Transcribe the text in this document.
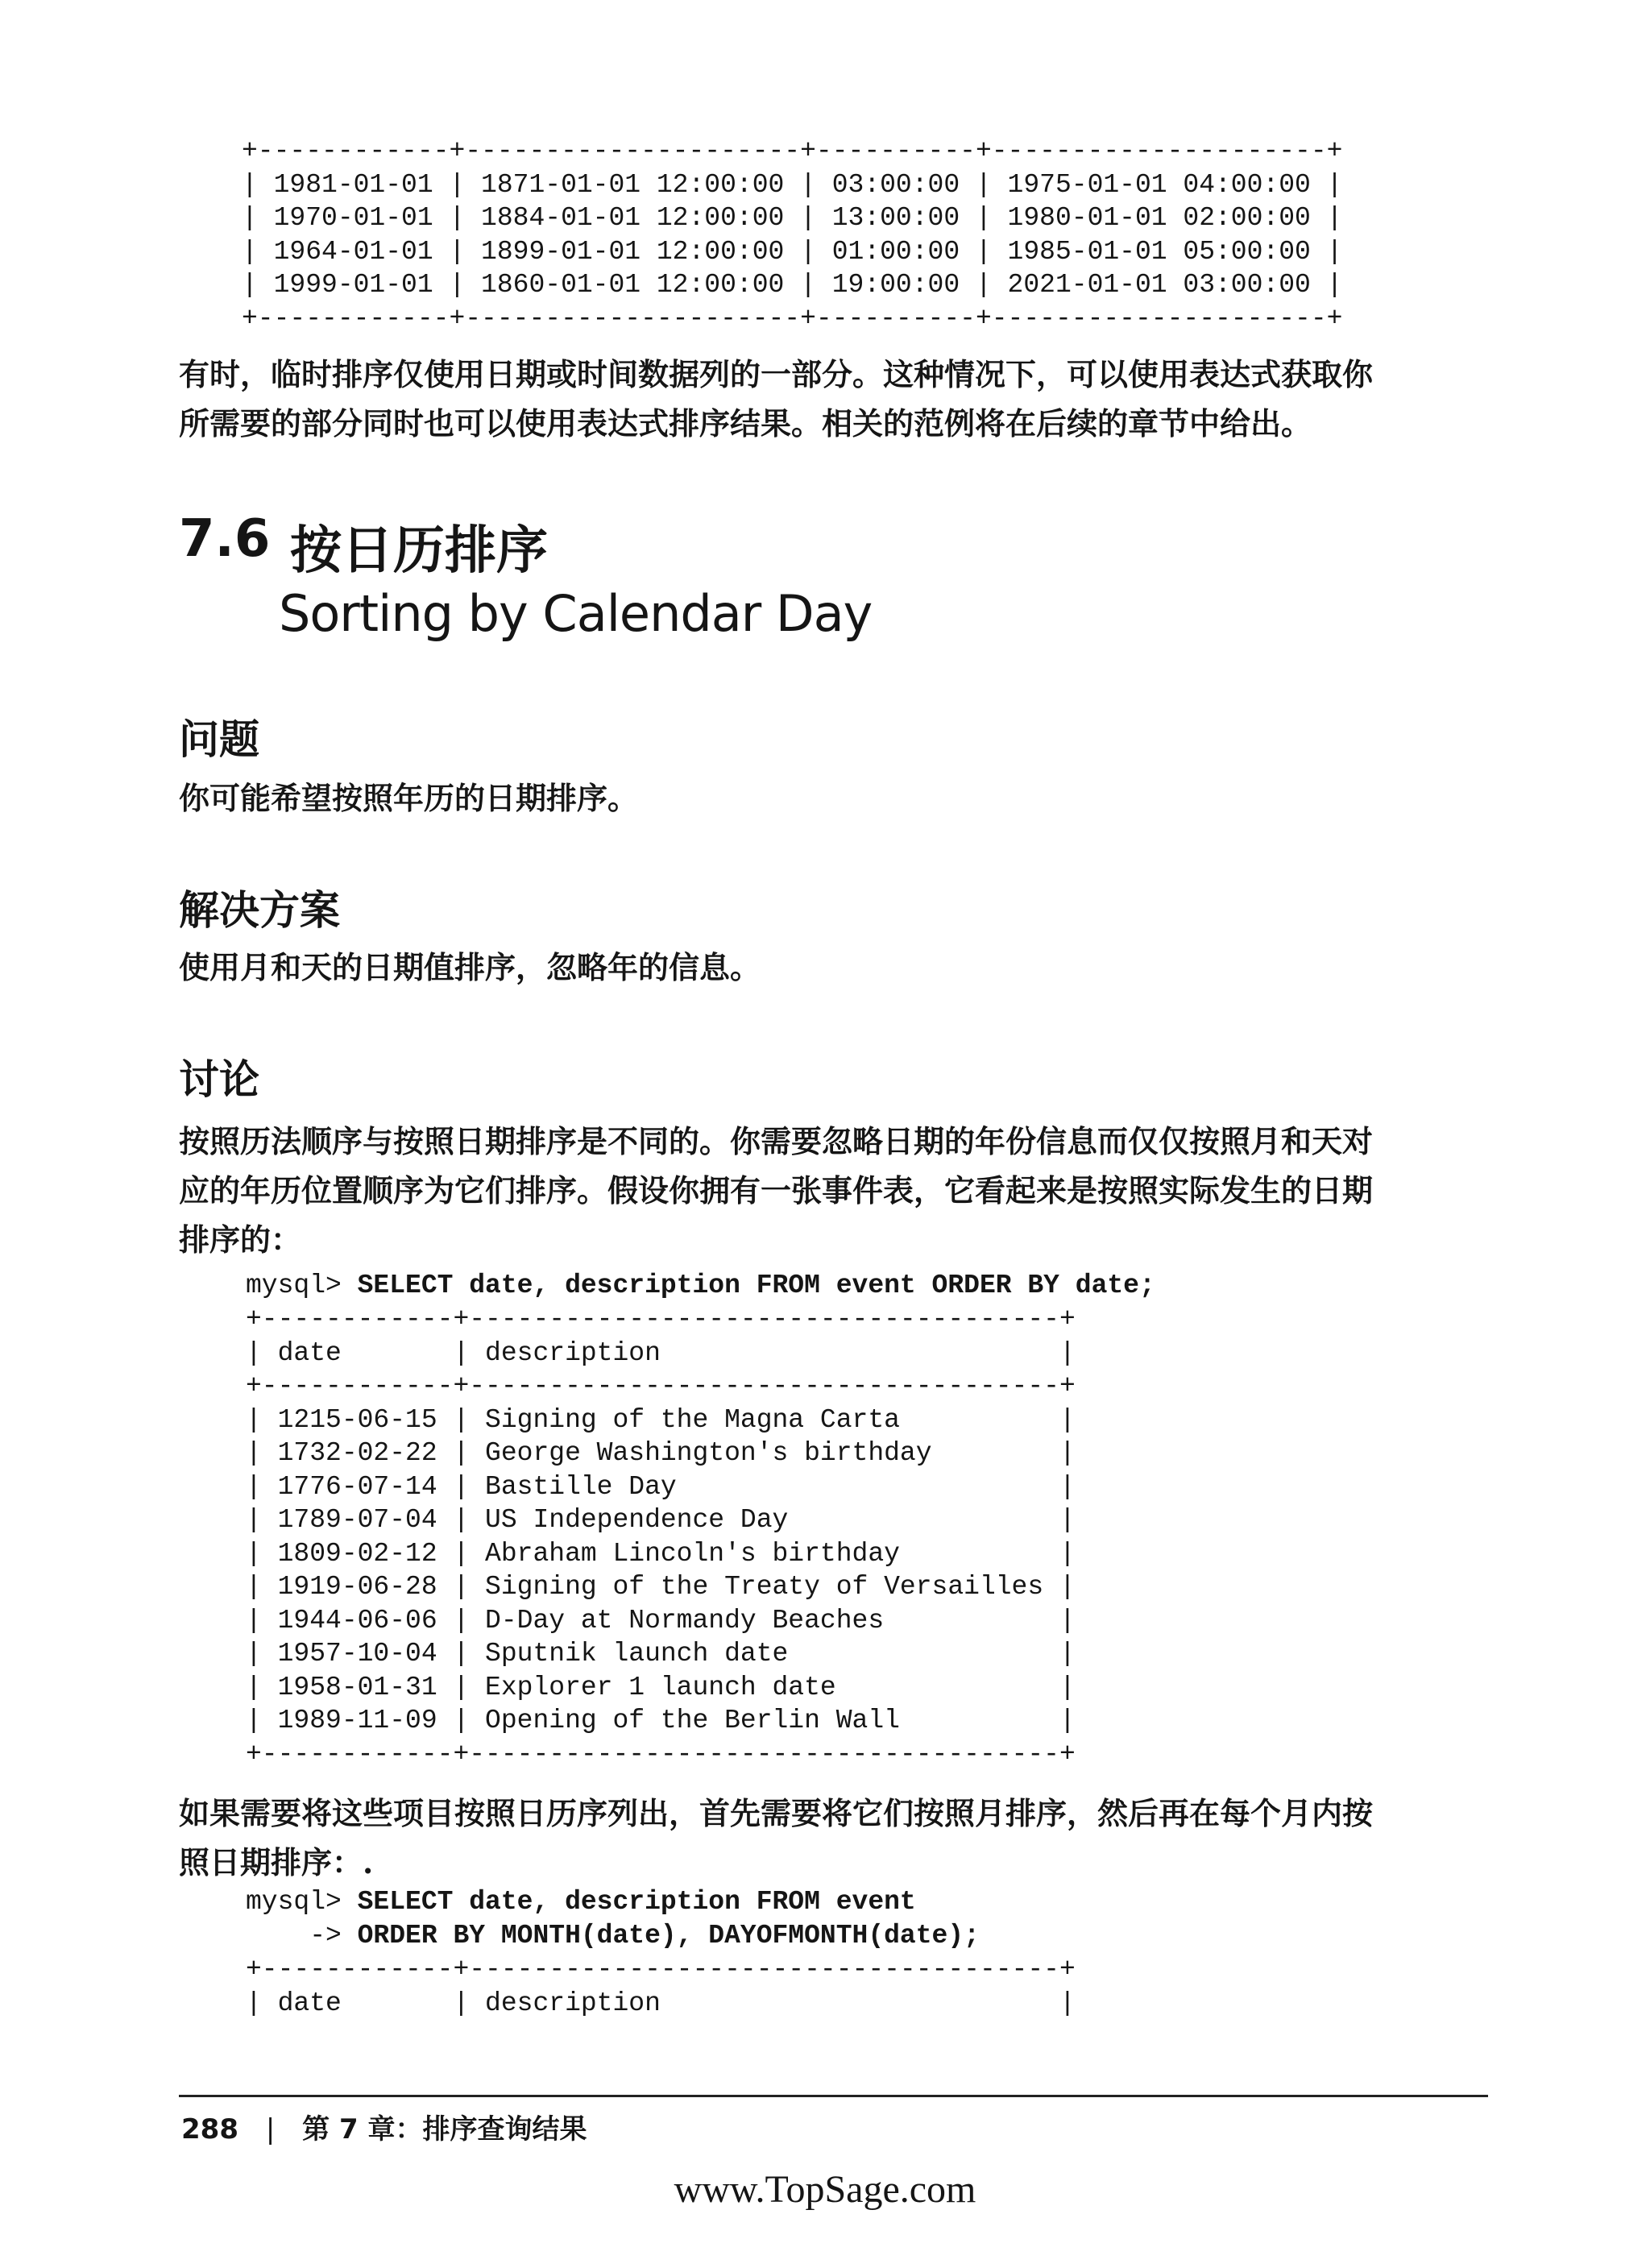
+------------+---------------------+----------+---------------------+
| 1981-01-01 | 1871-01-01 12:00:00 | 03:00:00 | 1975-01-01 04:00:00 |
| 1970-01-01 | 1884-01-01 12:00:00 | 13:00:00 | 1980-01-01 02:00:00 |
| 1964-01-01 | 1899-01-01 12:00:00 | 01:00:00 | 1985-01-01 05:00:00 |
| 1999-01-01 | 1860-01-01 12:00:00 | 19:00:00 | 2021-01-01 03:00:00 |
+------------+---------------------+----------+---------------------+
有时，临时排序仅使用日期或时间数据列的一部分。这种情况下，可以使用表达式获取你
所需要的部分同时也可以使用表达式排序结果。相关的范例将在后续的章节中给出。
7.6 按日历排序
Sorting by Calendar Day
问题
你可能希望按照年历的日期排序。
解决方案
使用月和天的日期值排序，忽略年的信息。
讨论
按照历法顺序与按照日期排序是不同的。你需要忽略日期的年份信息而仅仅按照月和天对
应的年历位置顺序为它们排序。假设你拥有一张事件表，它看起来是按照实际发生的日期
排序的：
mysql> SELECT date, description FROM event ORDER BY date;
+------------+-------------------------------------+
| date       | description                         |
+------------+-------------------------------------+
| 1215-06-15 | Signing of the Magna Carta          |
| 1732-02-22 | George Washington's birthday        |
| 1776-07-14 | Bastille Day                        |
| 1789-07-04 | US Independence Day                 |
| 1809-02-12 | Abraham Lincoln's birthday          |
| 1919-06-28 | Signing of the Treaty of Versailles |
| 1944-06-06 | D-Day at Normandy Beaches           |
| 1957-10-04 | Sputnik launch date                 |
| 1958-01-31 | Explorer 1 launch date              |
| 1989-11-09 | Opening of the Berlin Wall          |
+------------+-------------------------------------+
如果需要将这些项目按照日历序列出，首先需要将它们按照月排序，然后再在每个月内按
照日期排序：.
mysql> SELECT date, description FROM event
-> ORDER BY MONTH(date), DAYOFMONTH(date);
+------------+-------------------------------------+
| date       | description                         |
288 | 第 7 章：排序查询结果
www.TopSage.com
